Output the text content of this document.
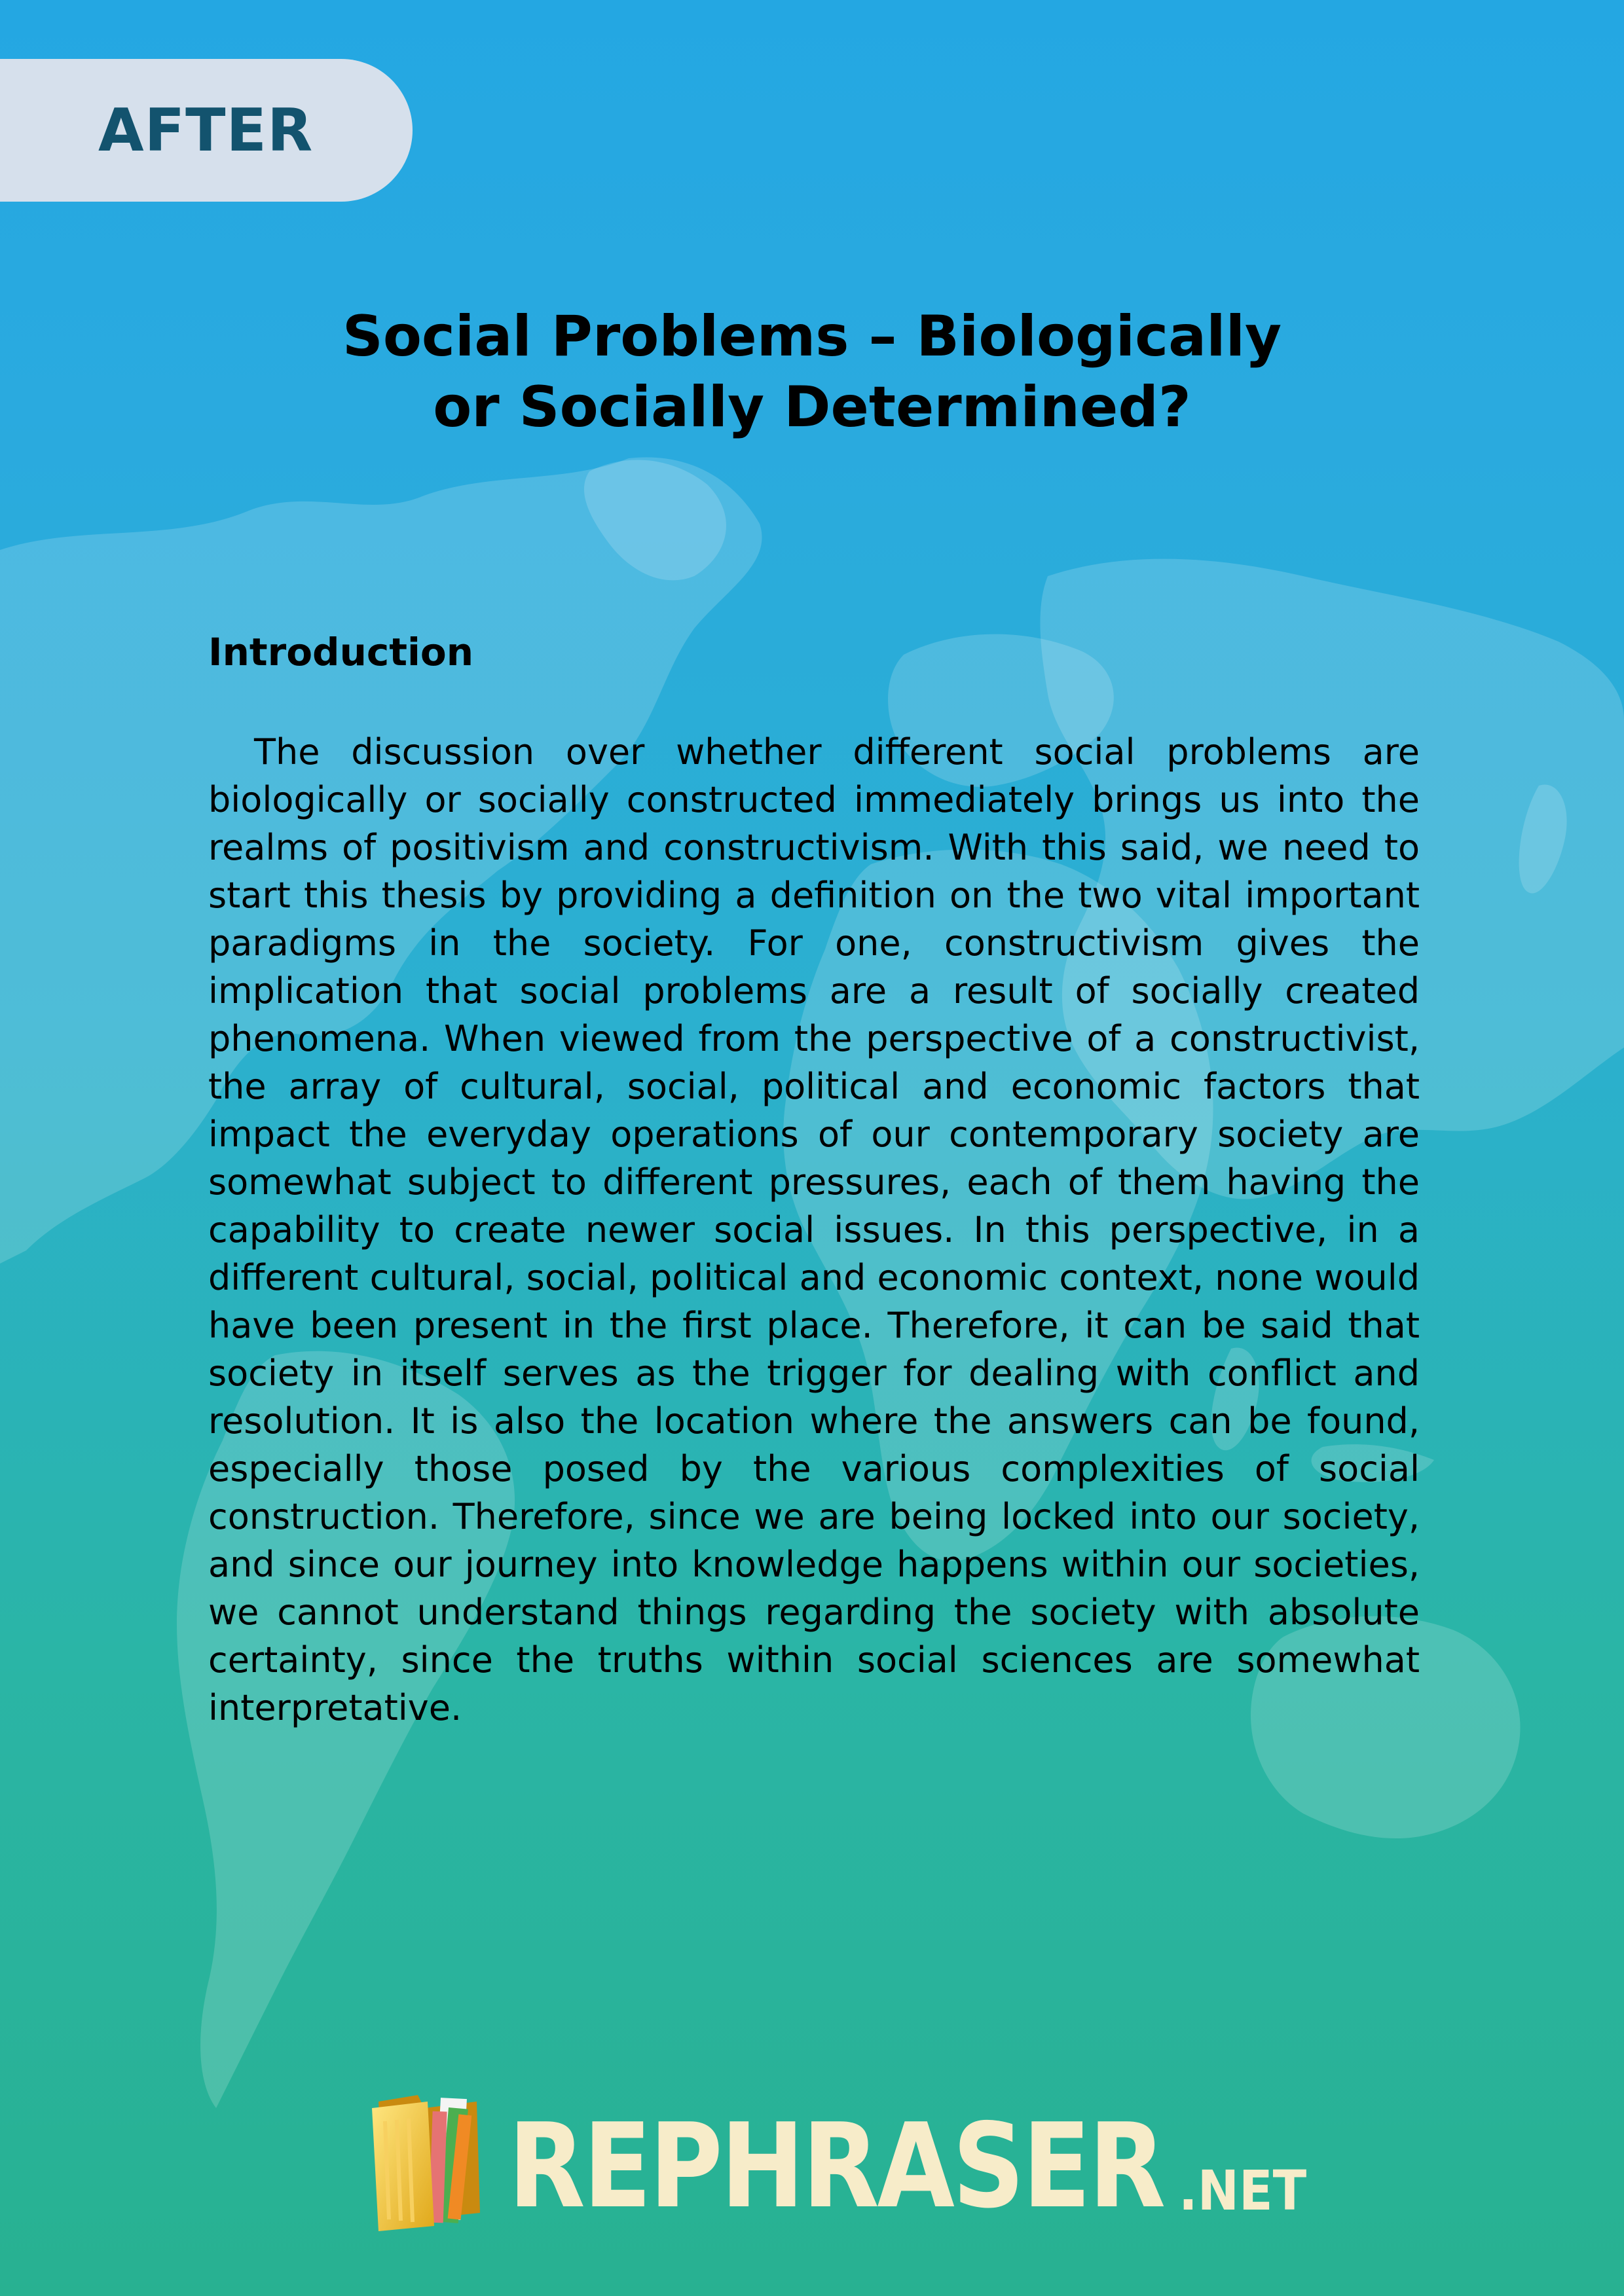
AFTER
Social Problems – Biologically
or Socially Determined?
Introduction

The discussion over whether different social problems are biologically or socially constructed immediately brings us into the realms of positivism and constructivism. With this said, we need to start this thesis by providing a definition on the two vital important paradigms in the society. For one, constructivism gives the implication that social problems are a result of socially created phenomena. When viewed from the perspective of a constructivist, the array of cultural, social, political and economic factors that impact the everyday operations of our contemporary society are somewhat subject to different pressures, each of them having the capability to create newer social issues. In this perspective, in a different cultural, social, political and economic context, none would have been present in the first place. Therefore, it can be said that society in itself serves as the trigger for dealing with conflict and resolution. It is also the location where the answers can be found, especially those posed by the various complexities of social construction. Therefore, since we are being locked into our society, and since our journey into knowledge happens within our societies, we cannot understand things regarding the society with absolute certainty, since the truths within social sciences are somewhat interpretative.

REPHRASER .NET
